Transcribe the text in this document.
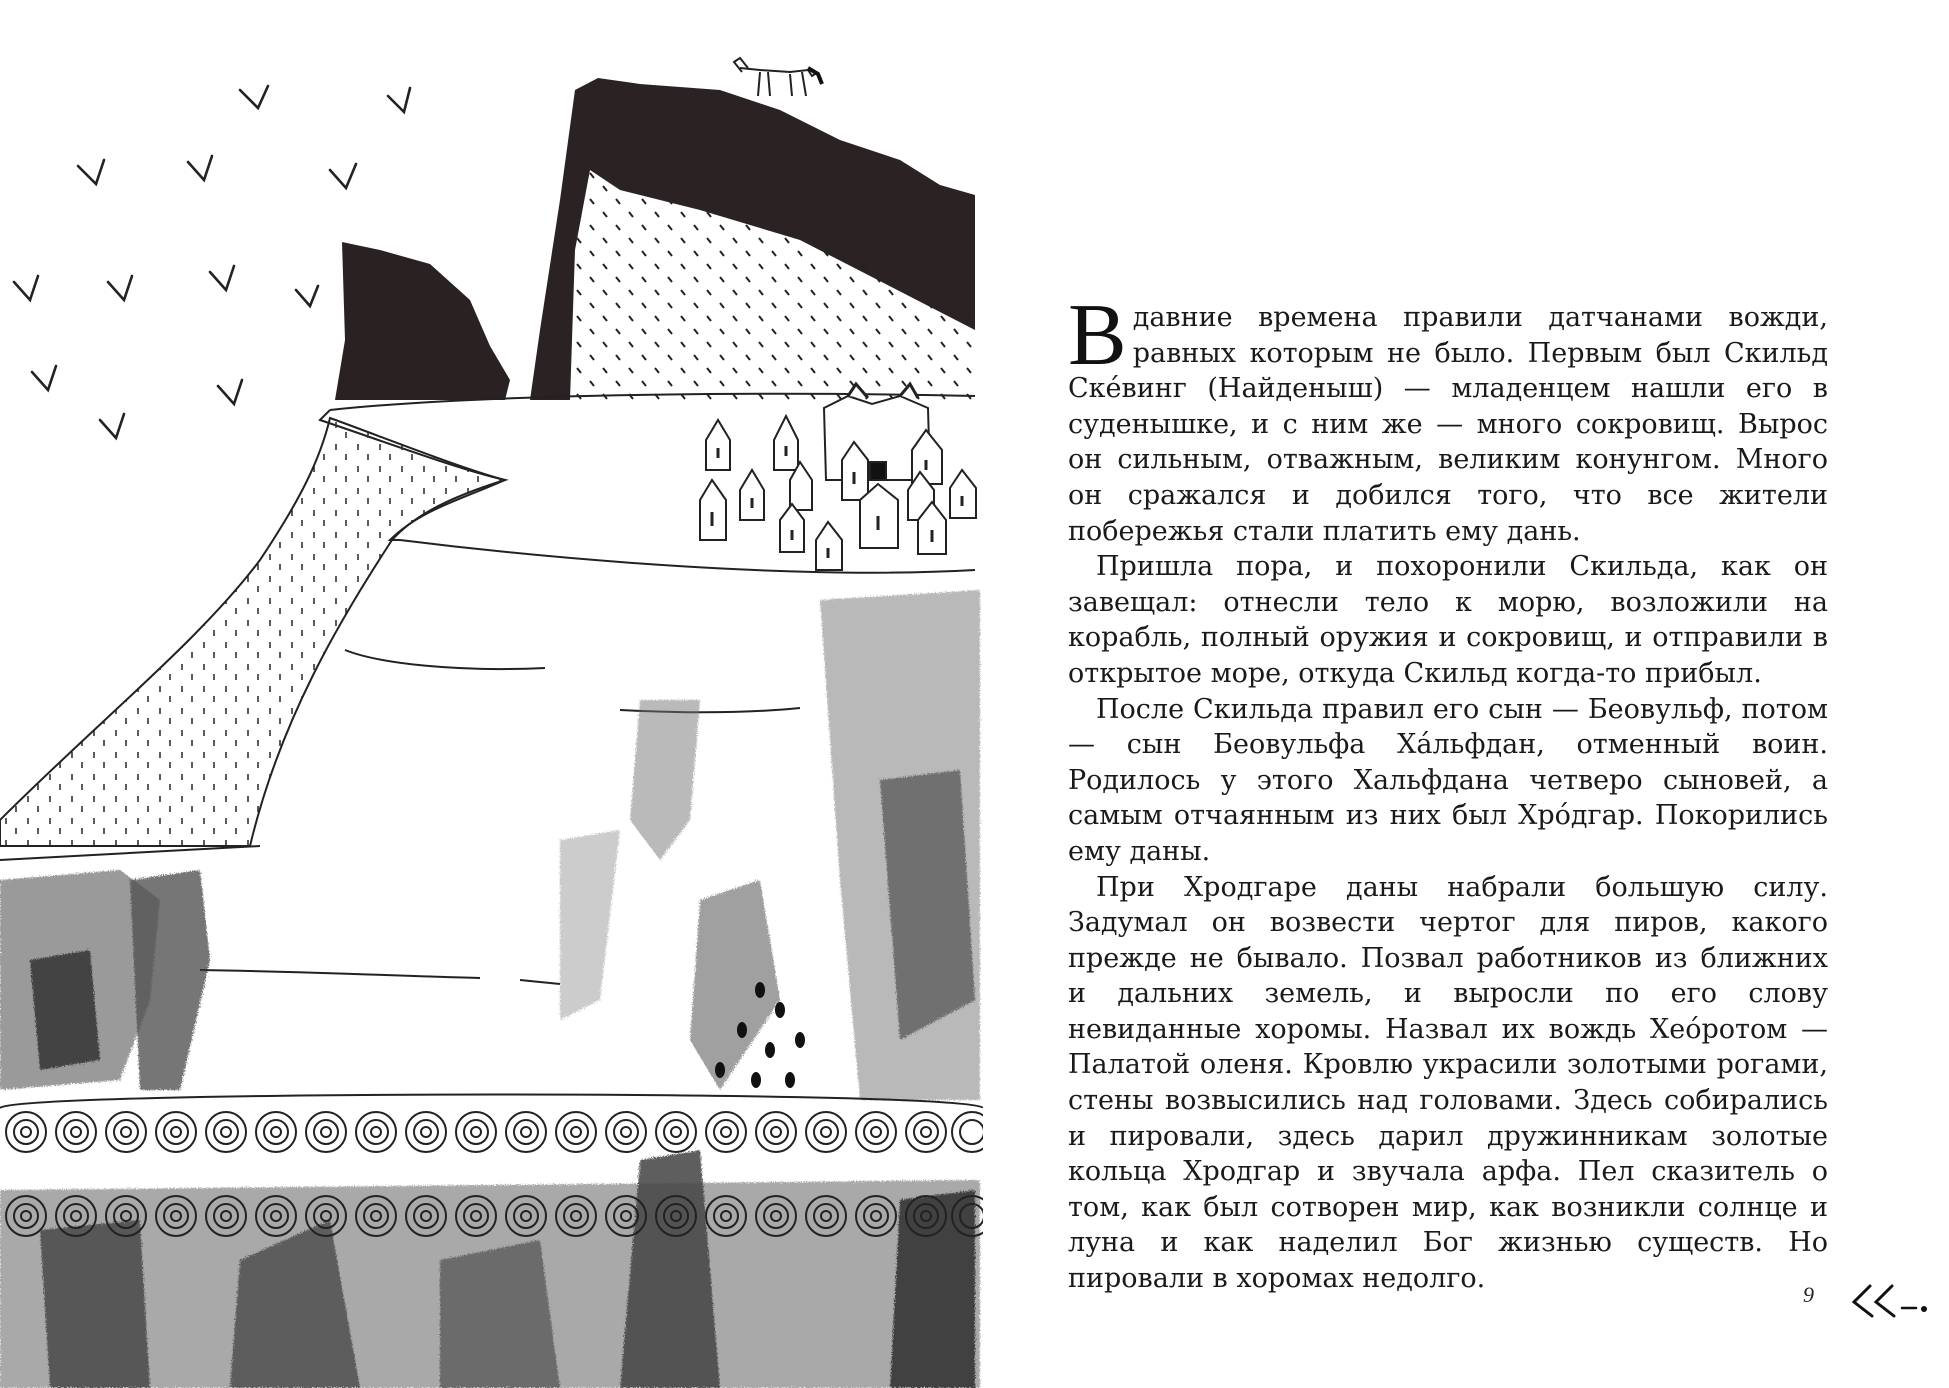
В давние времена правили датчанами вожди, равных которым не было. Первым был Скильд Ске́винг (Найденыш) — младенцем нашли его в суденышке, и с ним же — много сокровищ. Вырос он сильным, отважным, великим конунгом. Много он сражался и добился того, что все жители побережья стали платить ему дань.

Пришла пора, и похоронили Скильда, как он завещал: отнесли тело к морю, возложили на корабль, полный оружия и сокровищ, и отправили в открытое море, откуда Скильд когда-то прибыл.

После Скильда правил его сын — Беовульф, потом — сын Беовульфа Ха́льфдан, отменный воин. Родилось у этого Хальфдана четверо сыновей, а самым отчаянным из них был Хро́дгар. Покорились ему даны.

При Хродгаре даны набрали большую силу. Задумал он возвести чертог для пиров, какого прежде не бывало. Позвал работников из ближних и дальних земель, и выросли по его слову невиданные хоромы. Назвал их вождь Хео́ротом — Палатой оленя. Кровлю украсили золотыми рогами, стены возвысились над головами. Здесь собирались и пировали, здесь дарил дружинникам золотые кольца Хродгар и звучала арфа. Пел сказитель о том, как был сотворен мир, как возникли солнце и луна и как наделил Бог жизнью существ. Но пировали в хоромах недолго.

9
